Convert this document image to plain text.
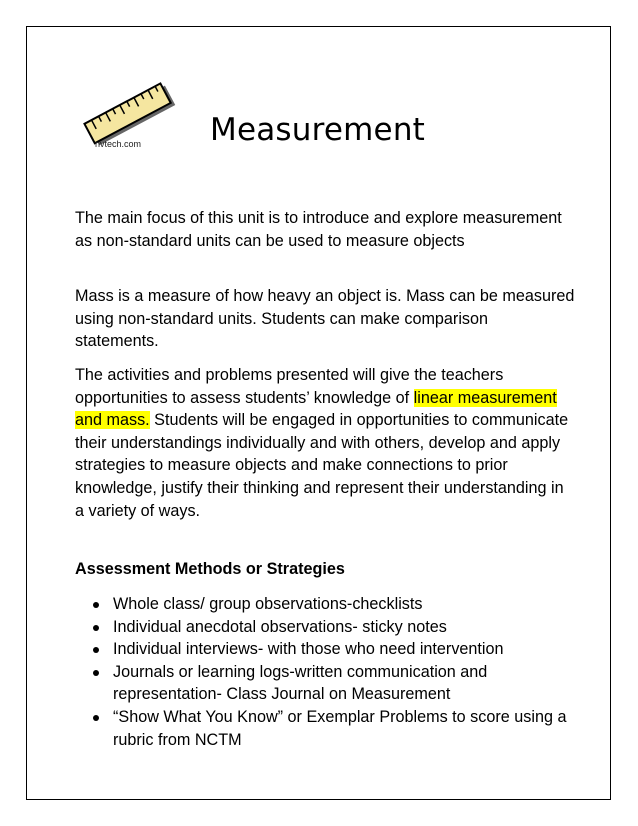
nvtech.com Measurement

The main focus of this unit is to introduce and explore measurement as non-standard units can be used to measure objects

Mass is a measure of how heavy an object is. Mass can be measured using non-standard units. Students can make comparison statements.

The activities and problems presented will give the teachers opportunities to assess students’ knowledge of linear measurement and mass. Students will be engaged in opportunities to communicate their understandings individually and with others, develop and apply strategies to measure objects and make connections to prior knowledge, justify their thinking and represent their understanding in a variety of ways.

Assessment Methods or Strategies
Whole class/ group observations-checklists
Individual anecdotal observations- sticky notes
Individual interviews- with those who need intervention
Journals or learning logs-written communication and representation- Class Journal on Measurement
“Show What You Know” or Exemplar Problems to score using a rubric from NCTM
